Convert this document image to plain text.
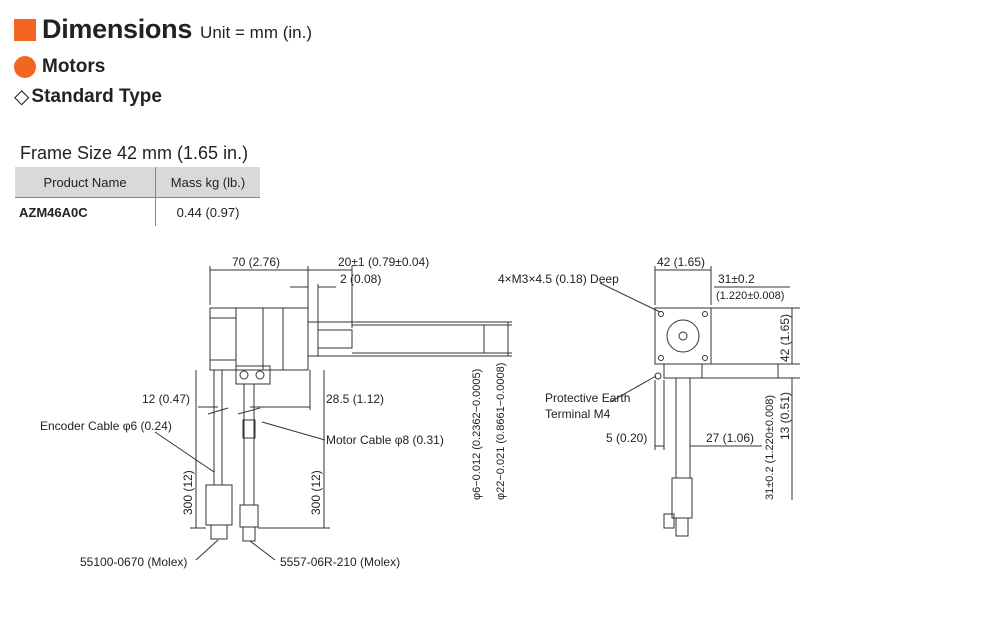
Dimensions Unit = mm (in.)
Motors
◇ Standard Type
Frame Size 42 mm (1.65 in.)
Product Name	Mass kg (lb.)
AZM46A0C	0.44 (0.97)
70 (2.76)	20±1 (0.79±0.04)
2 (0.08)
12 (0.47)	28.5 (1.12)
Encoder Cable φ6 (0.24)
Motor Cable φ8 (0.31)
55100-0670 (Molex)	5557-06R-210 (Molex)
300 (12)	300 (12)	φ6−0.012 (0.2362−0.0005) φ22−0.021 (0.8661−0.0008)
42 (1.65)
31±0.2
(1.220±0.008)
4×M3×4.5 (0.18) Deep
Protective Earth
Terminal M4
5 (0.20)	27 (1.06)
42 (1.65)
13 (0.51)
31±0.2 (1.220±0.008)
